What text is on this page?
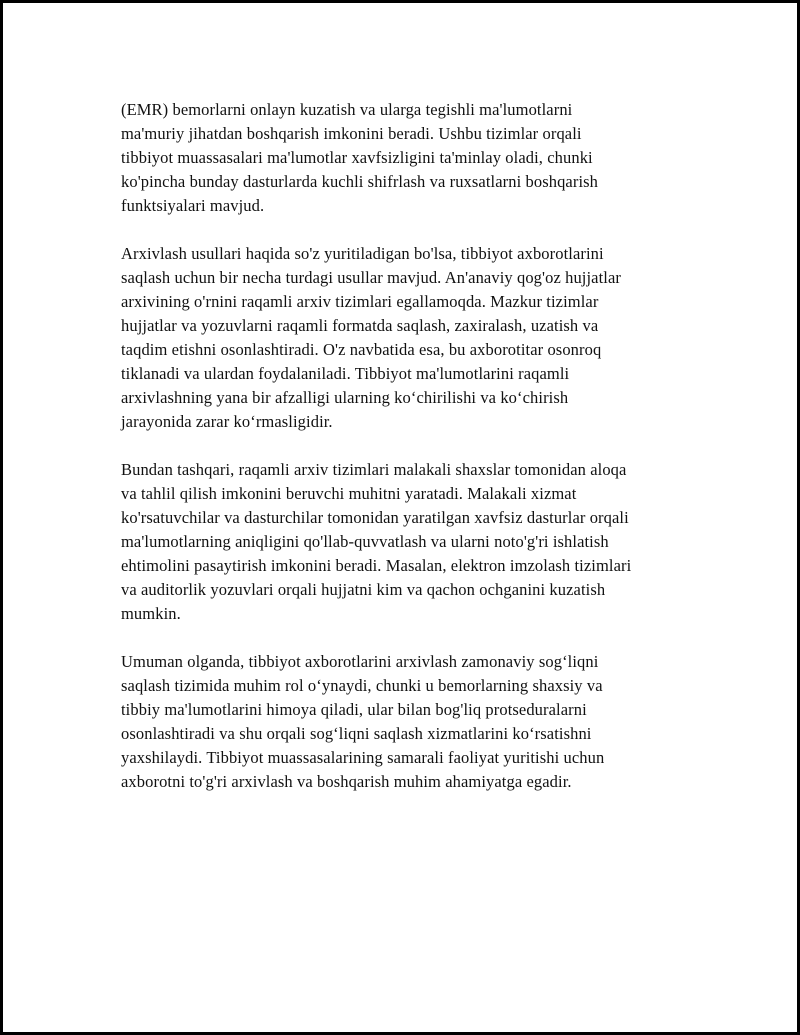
(EMR) bemorlarni onlayn kuzatish va ularga tegishli ma'lumotlarni
ma'muriy jihatdan boshqarish imkonini beradi. Ushbu tizimlar orqali
tibbiyot muassasalari ma'lumotlar xavfsizligini ta'minlay oladi, chunki
ko'pincha bunday dasturlarda kuchli shifrlash va ruxsatlarni boshqarish
funktsiyalari mavjud.

Arxivlash usullari haqida so'z yuritiladigan bo'lsa, tibbiyot axborotlarini
saqlash uchun bir necha turdagi usullar mavjud. An'anaviy qog'oz hujjatlar
arxivining o'rnini raqamli arxiv tizimlari egallamoqda. Mazkur tizimlar
hujjatlar va yozuvlarni raqamli formatda saqlash, zaxiralash, uzatish va
taqdim etishni osonlashtiradi. O'z navbatida esa, bu axborotitar osonroq
tiklanadi va ulardan foydalaniladi. Tibbiyot ma'lumotlarini raqamli
arxivlashning yana bir afzalligi ularning ko‘chirilishi va ko‘chirish
jarayonida zarar ko‘rmasligidir.

Bundan tashqari, raqamli arxiv tizimlari malakali shaxslar tomonidan aloqa
va tahlil qilish imkonini beruvchi muhitni yaratadi. Malakali xizmat
ko'rsatuvchilar va dasturchilar tomonidan yaratilgan xavfsiz dasturlar orqali
ma'lumotlarning aniqligini qo'llab-quvvatlash va ularni noto'g'ri ishlatish
ehtimolini pasaytirish imkonini beradi. Masalan, elektron imzolash tizimlari
va auditorlik yozuvlari orqali hujjatni kim va qachon ochganini kuzatish
mumkin.

Umuman olganda, tibbiyot axborotlarini arxivlash zamonaviy sog‘liqni
saqlash tizimida muhim rol o‘ynaydi, chunki u bemorlarning shaxsiy va
tibbiy ma'lumotlarini himoya qiladi, ular bilan bog'liq protseduralarni
osonlashtiradi va shu orqali sog‘liqni saqlash xizmatlarini ko‘rsatishni
yaxshilaydi. Tibbiyot muassasalarining samarali faoliyat yuritishi uchun
axborotni to'g'ri arxivlash va boshqarish muhim ahamiyatga egadir.
